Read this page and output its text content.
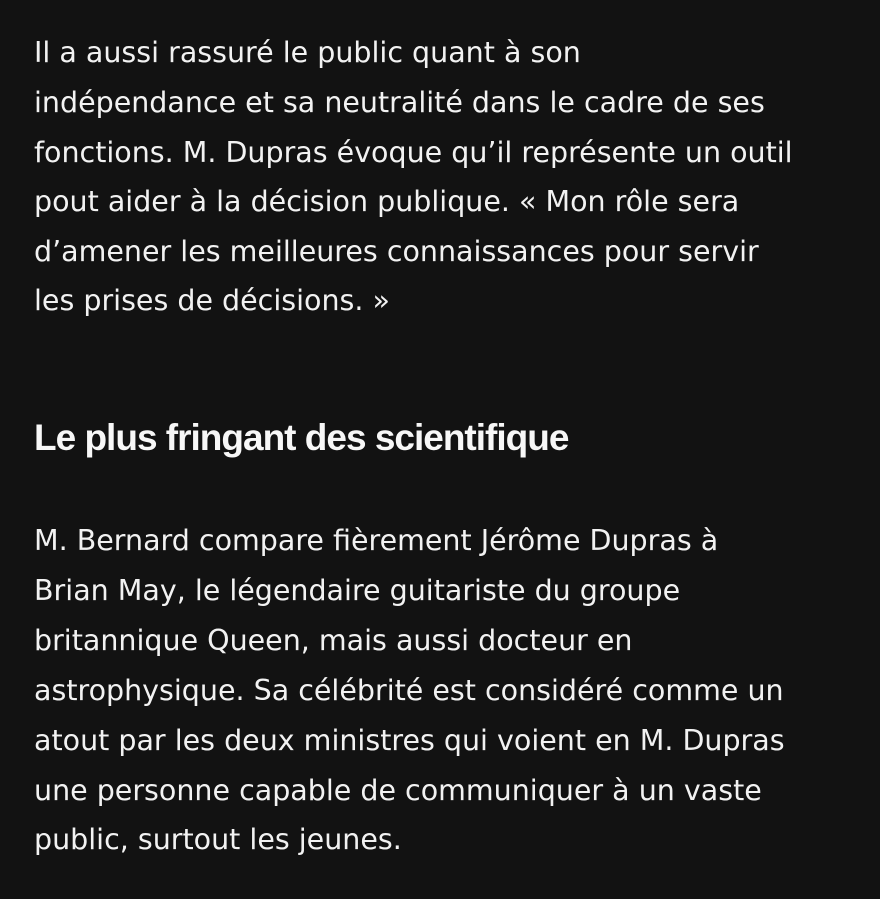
Il a aussi rassuré le public quant à son
indépendance et sa neutralité dans le cadre de ses
fonctions. M. Dupras évoque qu’il représente un outil
pout aider à la décision publique. « Mon rôle sera
d’amener les meilleures connaissances pour servir
les prises de décisions. »
Le plus fringant des scientifique
M. Bernard compare fièrement Jérôme Dupras à
Brian May, le légendaire guitariste du groupe
britannique Queen, mais aussi docteur en
astrophysique. Sa célébrité est considéré comme un
atout par les deux ministres qui voient en M. Dupras
une personne capable de communiquer à un vaste
public, surtout les jeunes.
